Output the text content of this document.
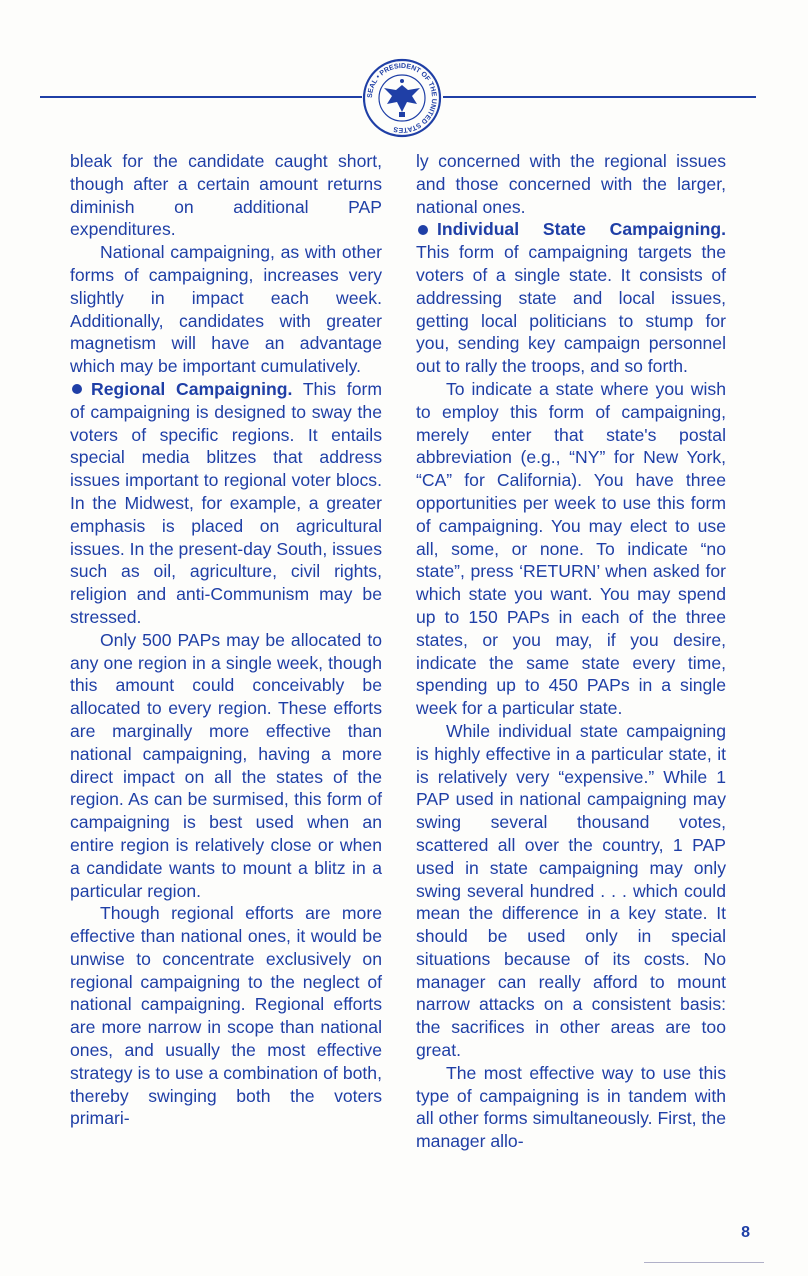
SEAL • PRESIDENT OF THE UNITED STATES

bleak for the candidate caught short, though after a certain amount returns diminish on additional PAP expenditures.

National campaigning, as with other forms of campaigning, increases very slightly in impact each week. Additionally, candidates with greater magnetism will have an advantage which may be important cumulatively.

Regional Campaigning. This form of campaigning is designed to sway the voters of specific regions. It entails special media blitzes that address issues important to regional voter blocs. In the Midwest, for example, a greater emphasis is placed on agricultural issues. In the present-day South, issues such as oil, agriculture, civil rights, religion and anti-Communism may be stressed.

Only 500 PAPs may be allocated to any one region in a single week, though this amount could conceivably be allocated to every region. These efforts are marginally more effective than national campaigning, having a more direct impact on all the states of the region. As can be surmised, this form of campaigning is best used when an entire region is relatively close or when a candidate wants to mount a blitz in a particular region.

Though regional efforts are more effective than national ones, it would be unwise to concentrate exclusively on regional campaigning to the neglect of national campaigning. Regional efforts are more narrow in scope than national ones, and usually the most effective strategy is to use a combination of both, thereby swinging both the voters primari-

ly concerned with the regional issues and those concerned with the larger, national ones.

Individual State Campaigning. This form of campaigning targets the voters of a single state. It consists of addressing state and local issues, getting local politicians to stump for you, sending key campaign personnel out to rally the troops, and so forth.

To indicate a state where you wish to employ this form of campaigning, merely enter that state's postal abbreviation (e.g., “NY” for New York, “CA” for California). You have three opportunities per week to use this form of campaigning. You may elect to use all, some, or none. To indicate “no state”, press ‘RETURN’ when asked for which state you want. You may spend up to 150 PAPs in each of the three states, or you may, if you desire, indicate the same state every time, spending up to 450 PAPs in a single week for a particular state.

While individual state campaigning is highly effective in a particular state, it is relatively very “expensive.” While 1 PAP used in national campaigning may swing several thousand votes, scattered all over the country, 1 PAP used in state campaigning may only swing several hundred . . . which could mean the difference in a key state. It should be used only in special situations because of its costs. No manager can really afford to mount narrow attacks on a consistent basis: the sacrifices in other areas are too great.

The most effective way to use this type of campaigning is in tandem with all other forms simultaneously. First, the manager allo-

8
